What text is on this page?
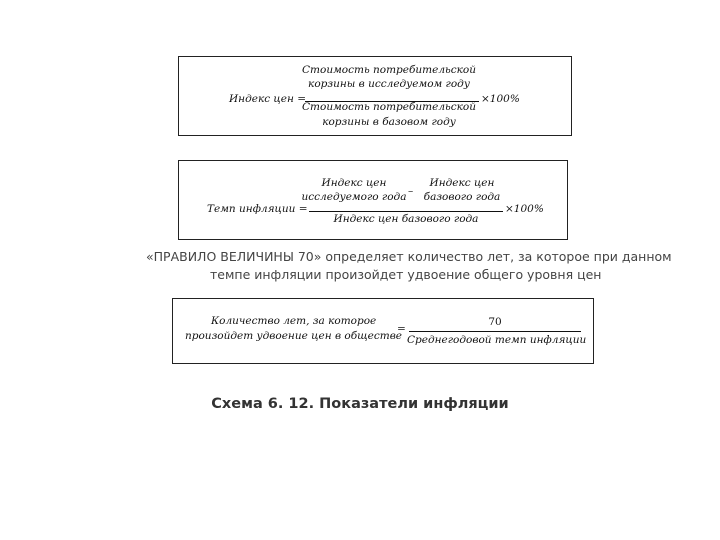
Стоимость потребительской
корзины в исследуемом году
Индекс цен =	×100%
Стоимость потребительской
корзины в базовом году
Индекс цен
исследуемого года –
Индекс цен
базового года
Темп инфляции =	×100%
Индекс цен базового года
«ПРАВИЛО ВЕЛИЧИНЫ 70» определяет количество лет, за которое при данном
темпе инфляции произойдет удвоение общего уровня цен
Количество лет, за которое
произойдет удвоение цен в обществе
=
70
Среднегодовой темп инфляции
Схема 6. 12. Показатели инфляции
